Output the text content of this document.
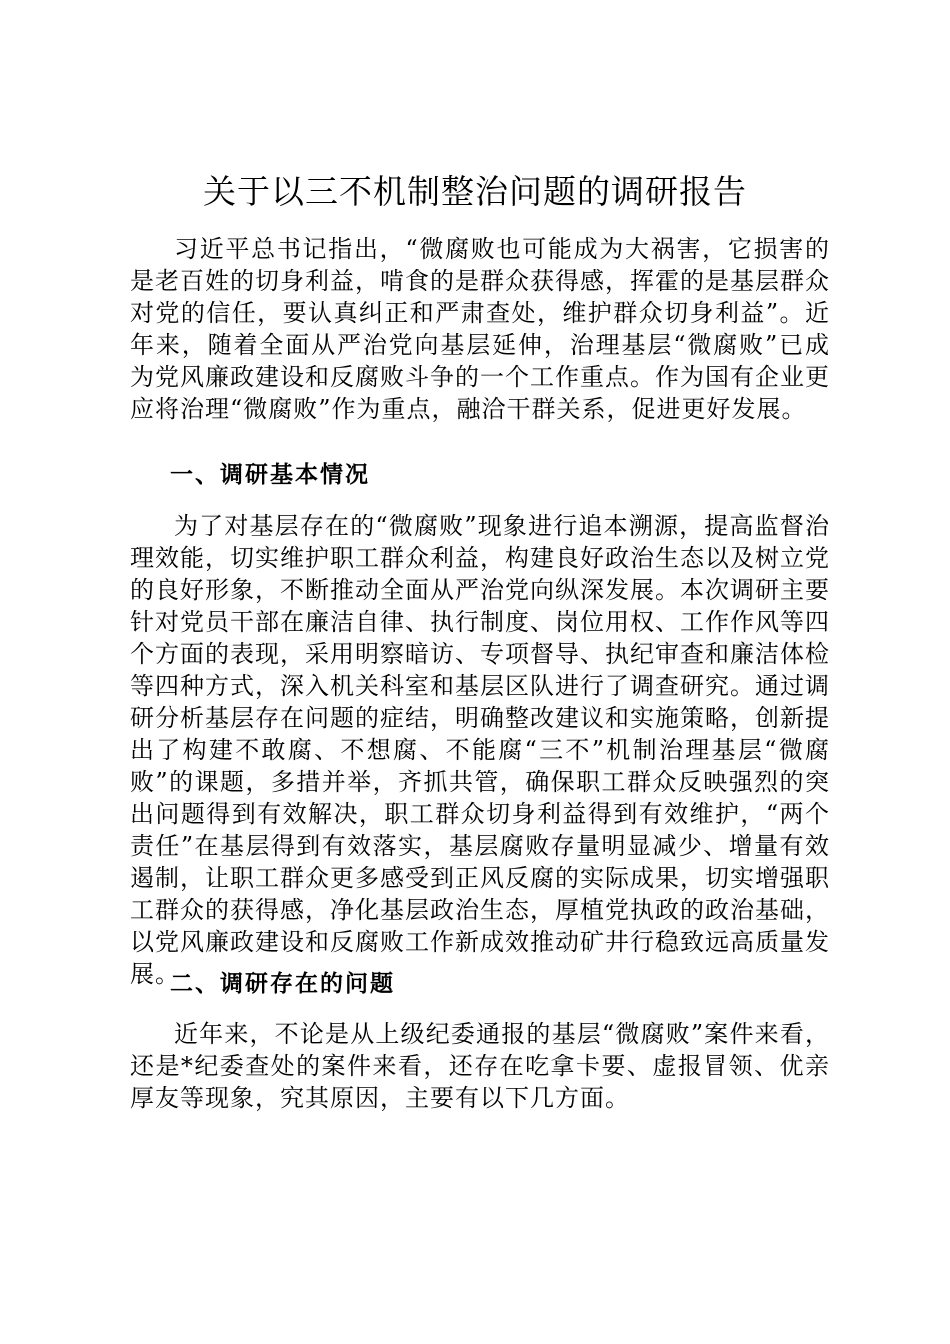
关于以三不机制整治问题的调研报告

习近平总书记指出，“微腐败也可能成为大祸害，它损害的是老百姓的切身利益，啃食的是群众获得感，挥霍的是基层群众对党的信任，要认真纠正和严肃查处，维护群众切身利益”。近年来，随着全面从严治党向基层延伸，治理基层“微腐败”已成为党风廉政建设和反腐败斗争的一个工作重点。作为国有企业更应将治理“微腐败”作为重点，融洽干群关系，促进更好发展。

一、调研基本情况

为了对基层存在的“微腐败”现象进行追本溯源，提高监督治理效能，切实维护职工群众利益，构建良好政治生态以及树立党的良好形象，不断推动全面从严治党向纵深发展。本次调研主要针对党员干部在廉洁自律、执行制度、岗位用权、工作作风等四个方面的表现，采用明察暗访、专项督导、执纪审查和廉洁体检等四种方式，深入机关科室和基层区队进行了调查研究。通过调研分析基层存在问题的症结，明确整改建议和实施策略，创新提出了构建不敢腐、不想腐、不能腐“三不”机制治理基层“微腐败”的课题，多措并举，齐抓共管，确保职工群众反映强烈的突出问题得到有效解决，职工群众切身利益得到有效维护，“两个责任”在基层得到有效落实，基层腐败存量明显减少、增量有效遏制，让职工群众更多感受到正风反腐的实际成果，切实增强职工群众的获得感，净化基层政治生态，厚植党执政的政治基础，以党风廉政建设和反腐败工作新成效推动矿井行稳致远高质量发展。

二、调研存在的问题

近年来，不论是从上级纪委通报的基层“微腐败”案件来看，还是*纪委查处的案件来看，还存在吃拿卡要、虚报冒领、优亲厚友等现象，究其原因，主要有以下几方面。
